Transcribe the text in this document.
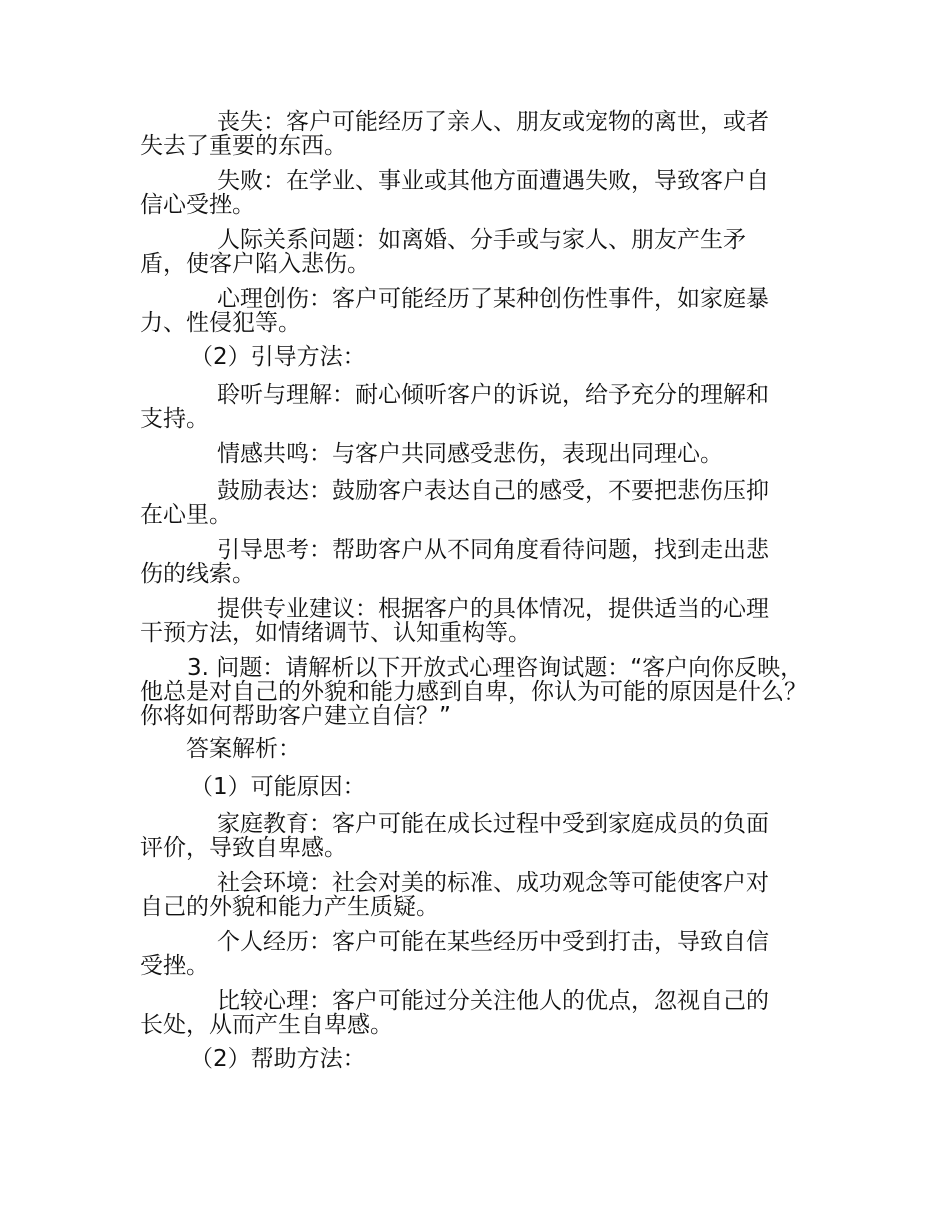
丧失：客户可能经历了亲人、朋友或宠物的离世，或者失去了重要的东西。

失败：在学业、事业或其他方面遭遇失败，导致客户自信心受挫。

人际关系问题：如离婚、分手或与家人、朋友产生矛盾，使客户陷入悲伤。

心理创伤：客户可能经历了某种创伤性事件，如家庭暴力、性侵犯等。

（2）引导方法：

聆听与理解：耐心倾听客户的诉说，给予充分的理解和支持。

情感共鸣：与客户共同感受悲伤，表现出同理心。

鼓励表达：鼓励客户表达自己的感受，不要把悲伤压抑在心里。

引导思考：帮助客户从不同角度看待问题，找到走出悲伤的线索。

提供专业建议：根据客户的具体情况，提供适当的心理干预方法，如情绪调节、认知重构等。

3. 问题：请解析以下开放式心理咨询试题：“客户向你反映，他总是对自己的外貌和能力感到自卑，你认为可能的原因是什么？你将如何帮助客户建立自信？”

答案解析：
（1）可能原因：

家庭教育：客户可能在成长过程中受到家庭成员的负面评价，导致自卑感。

社会环境：社会对美的标准、成功观念等可能使客户对自己的外貌和能力产生质疑。

个人经历：客户可能在某些经历中受到打击，导致自信受挫。

比较心理：客户可能过分关注他人的优点，忽视自己的长处，从而产生自卑感。

（2）帮助方法：
